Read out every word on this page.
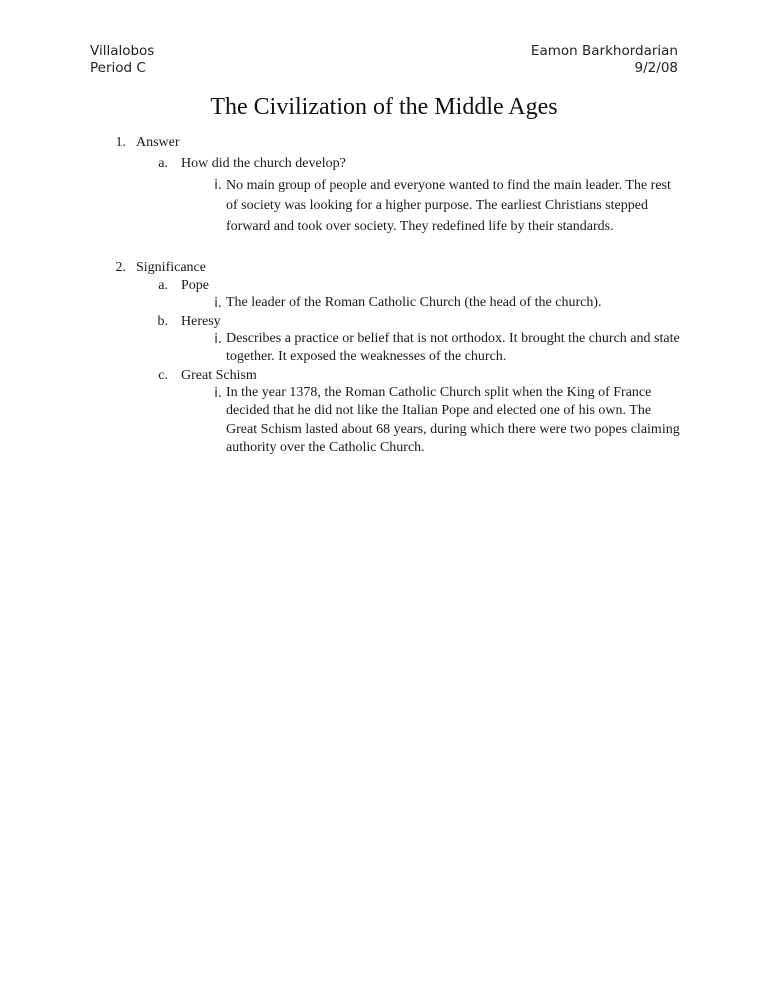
Villalobos
Period C
Eamon Barkhordarian
9/2/08
The Civilization of the Middle Ages
1. Answer
a. How did the church develop?
i. No main group of people and everyone wanted to find the main leader. The rest of society was looking for a higher purpose. The earliest Christians stepped forward and took over society. They redefined life by their standards.
2. Significance
a. Pope
i. The leader of the Roman Catholic Church (the head of the church).
b. Heresy
i. Describes a practice or belief that is not orthodox. It brought the church and state together. It exposed the weaknesses of the church.
c. Great Schism
i. In the year 1378, the Roman Catholic Church split when the King of France decided that he did not like the Italian Pope and elected one of his own. The Great Schism lasted about 68 years, during which there were two popes claiming authority over the Catholic Church.
